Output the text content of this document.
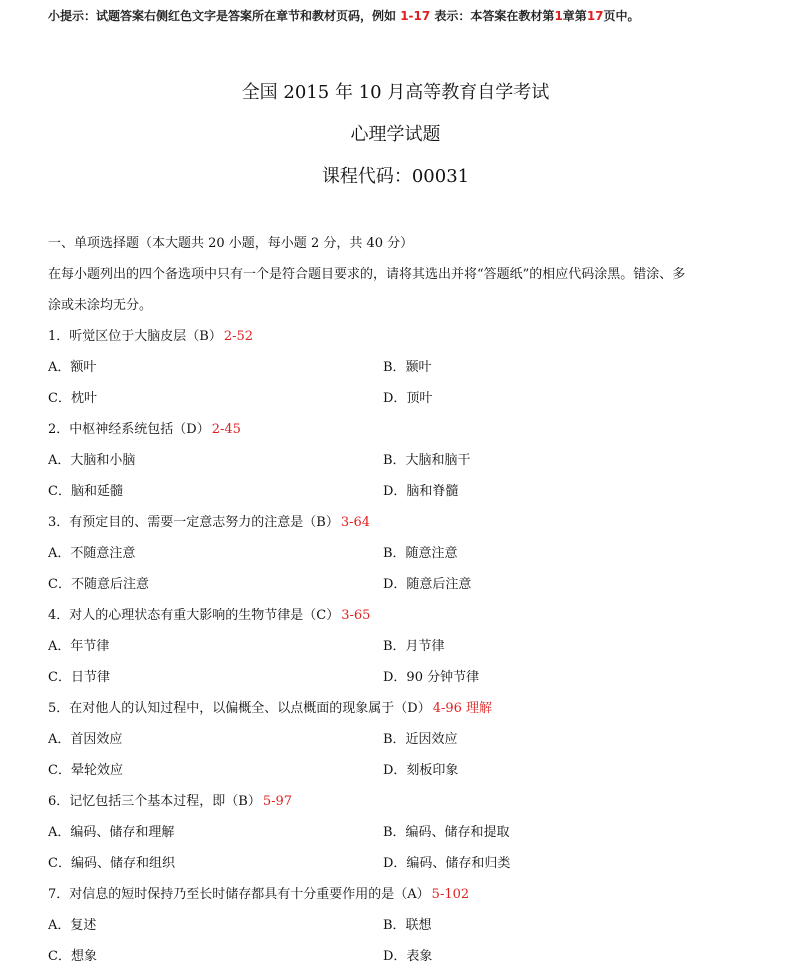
小提示：试题答案右侧红色文字是答案所在章节和教材页码，例如 1-17 表示：本答案在教材第1章第17页中。
全国 2015 年 10 月高等教育自学考试
心理学试题
课程代码：00031
一、单项选择题（本大题共 20 小题，每小题 2 分，共 40 分）
在每小题列出的四个备选项中只有一个是符合题目要求的，请将其选出并将“答题纸”的相应代码涂黑。错涂、多
涂或未涂均无分。
1．听觉区位于大脑皮层（B） 2-52
A．额叶	B．颞叶
C．枕叶	D．顶叶
2．中枢神经系统包括（D） 2-45
A．大脑和小脑	B．大脑和脑干
C．脑和延髓	D．脑和脊髓
3．有预定目的、需要一定意志努力的注意是（B） 3-64
A．不随意注意	B．随意注意
C．不随意后注意	D．随意后注意
4．对人的心理状态有重大影响的生物节律是（C） 3-65
A．年节律	B．月节律
C．日节律	D．90 分钟节律
5．在对他人的认知过程中，以偏概全、以点概面的现象属于（D） 4-96 理解
A．首因效应	B．近因效应
C．晕轮效应	D．刻板印象
6．记忆包括三个基本过程，即（B） 5-97
A．编码、储存和理解	B．编码、储存和提取
C．编码、储存和组织	D．编码、储存和归类
7．对信息的短时保持乃至长时储存都具有十分重要作用的是（A） 5-102
A．复述	B．联想
C．想象	D．表象
